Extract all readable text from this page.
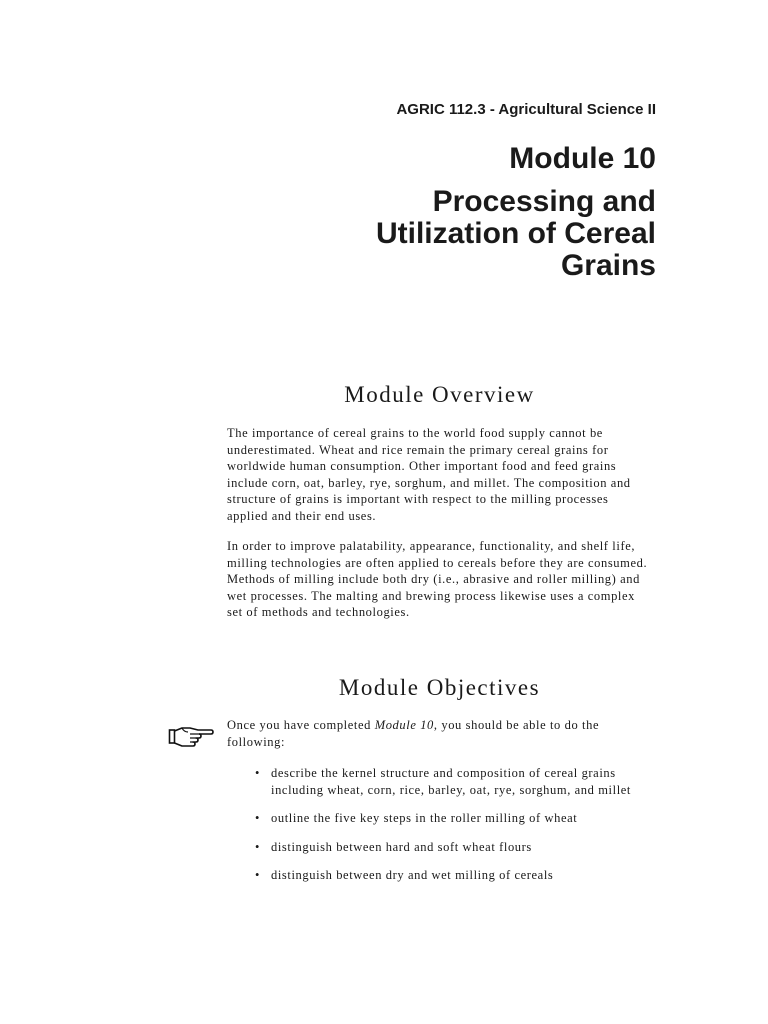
AGRIC 112.3 - Agricultural Science II
Module 10
Processing and Utilization of Cereal Grains
Module Overview

The importance of cereal grains to the world food supply cannot be underestimated. Wheat and rice remain the primary cereal grains for worldwide human consumption. Other important food and feed grains include corn, oat, barley, rye, sorghum, and millet. The composition and structure of grains is important with respect to the milling processes applied and their end uses.

In order to improve palatability, appearance, functionality, and shelf life, milling technologies are often applied to cereals before they are consumed. Methods of milling include both dry (i.e., abrasive and roller milling) and wet processes. The malting and brewing process likewise uses a complex set of methods and technologies.

Module Objectives

Once you have completed Module 10, you should be able to do the following:

• describe the kernel structure and composition of cereal grains including wheat, corn, rice, barley, oat, rye, sorghum, and millet
• outline the five key steps in the roller milling of wheat
• distinguish between hard and soft wheat flours
• distinguish between dry and wet milling of cereals
